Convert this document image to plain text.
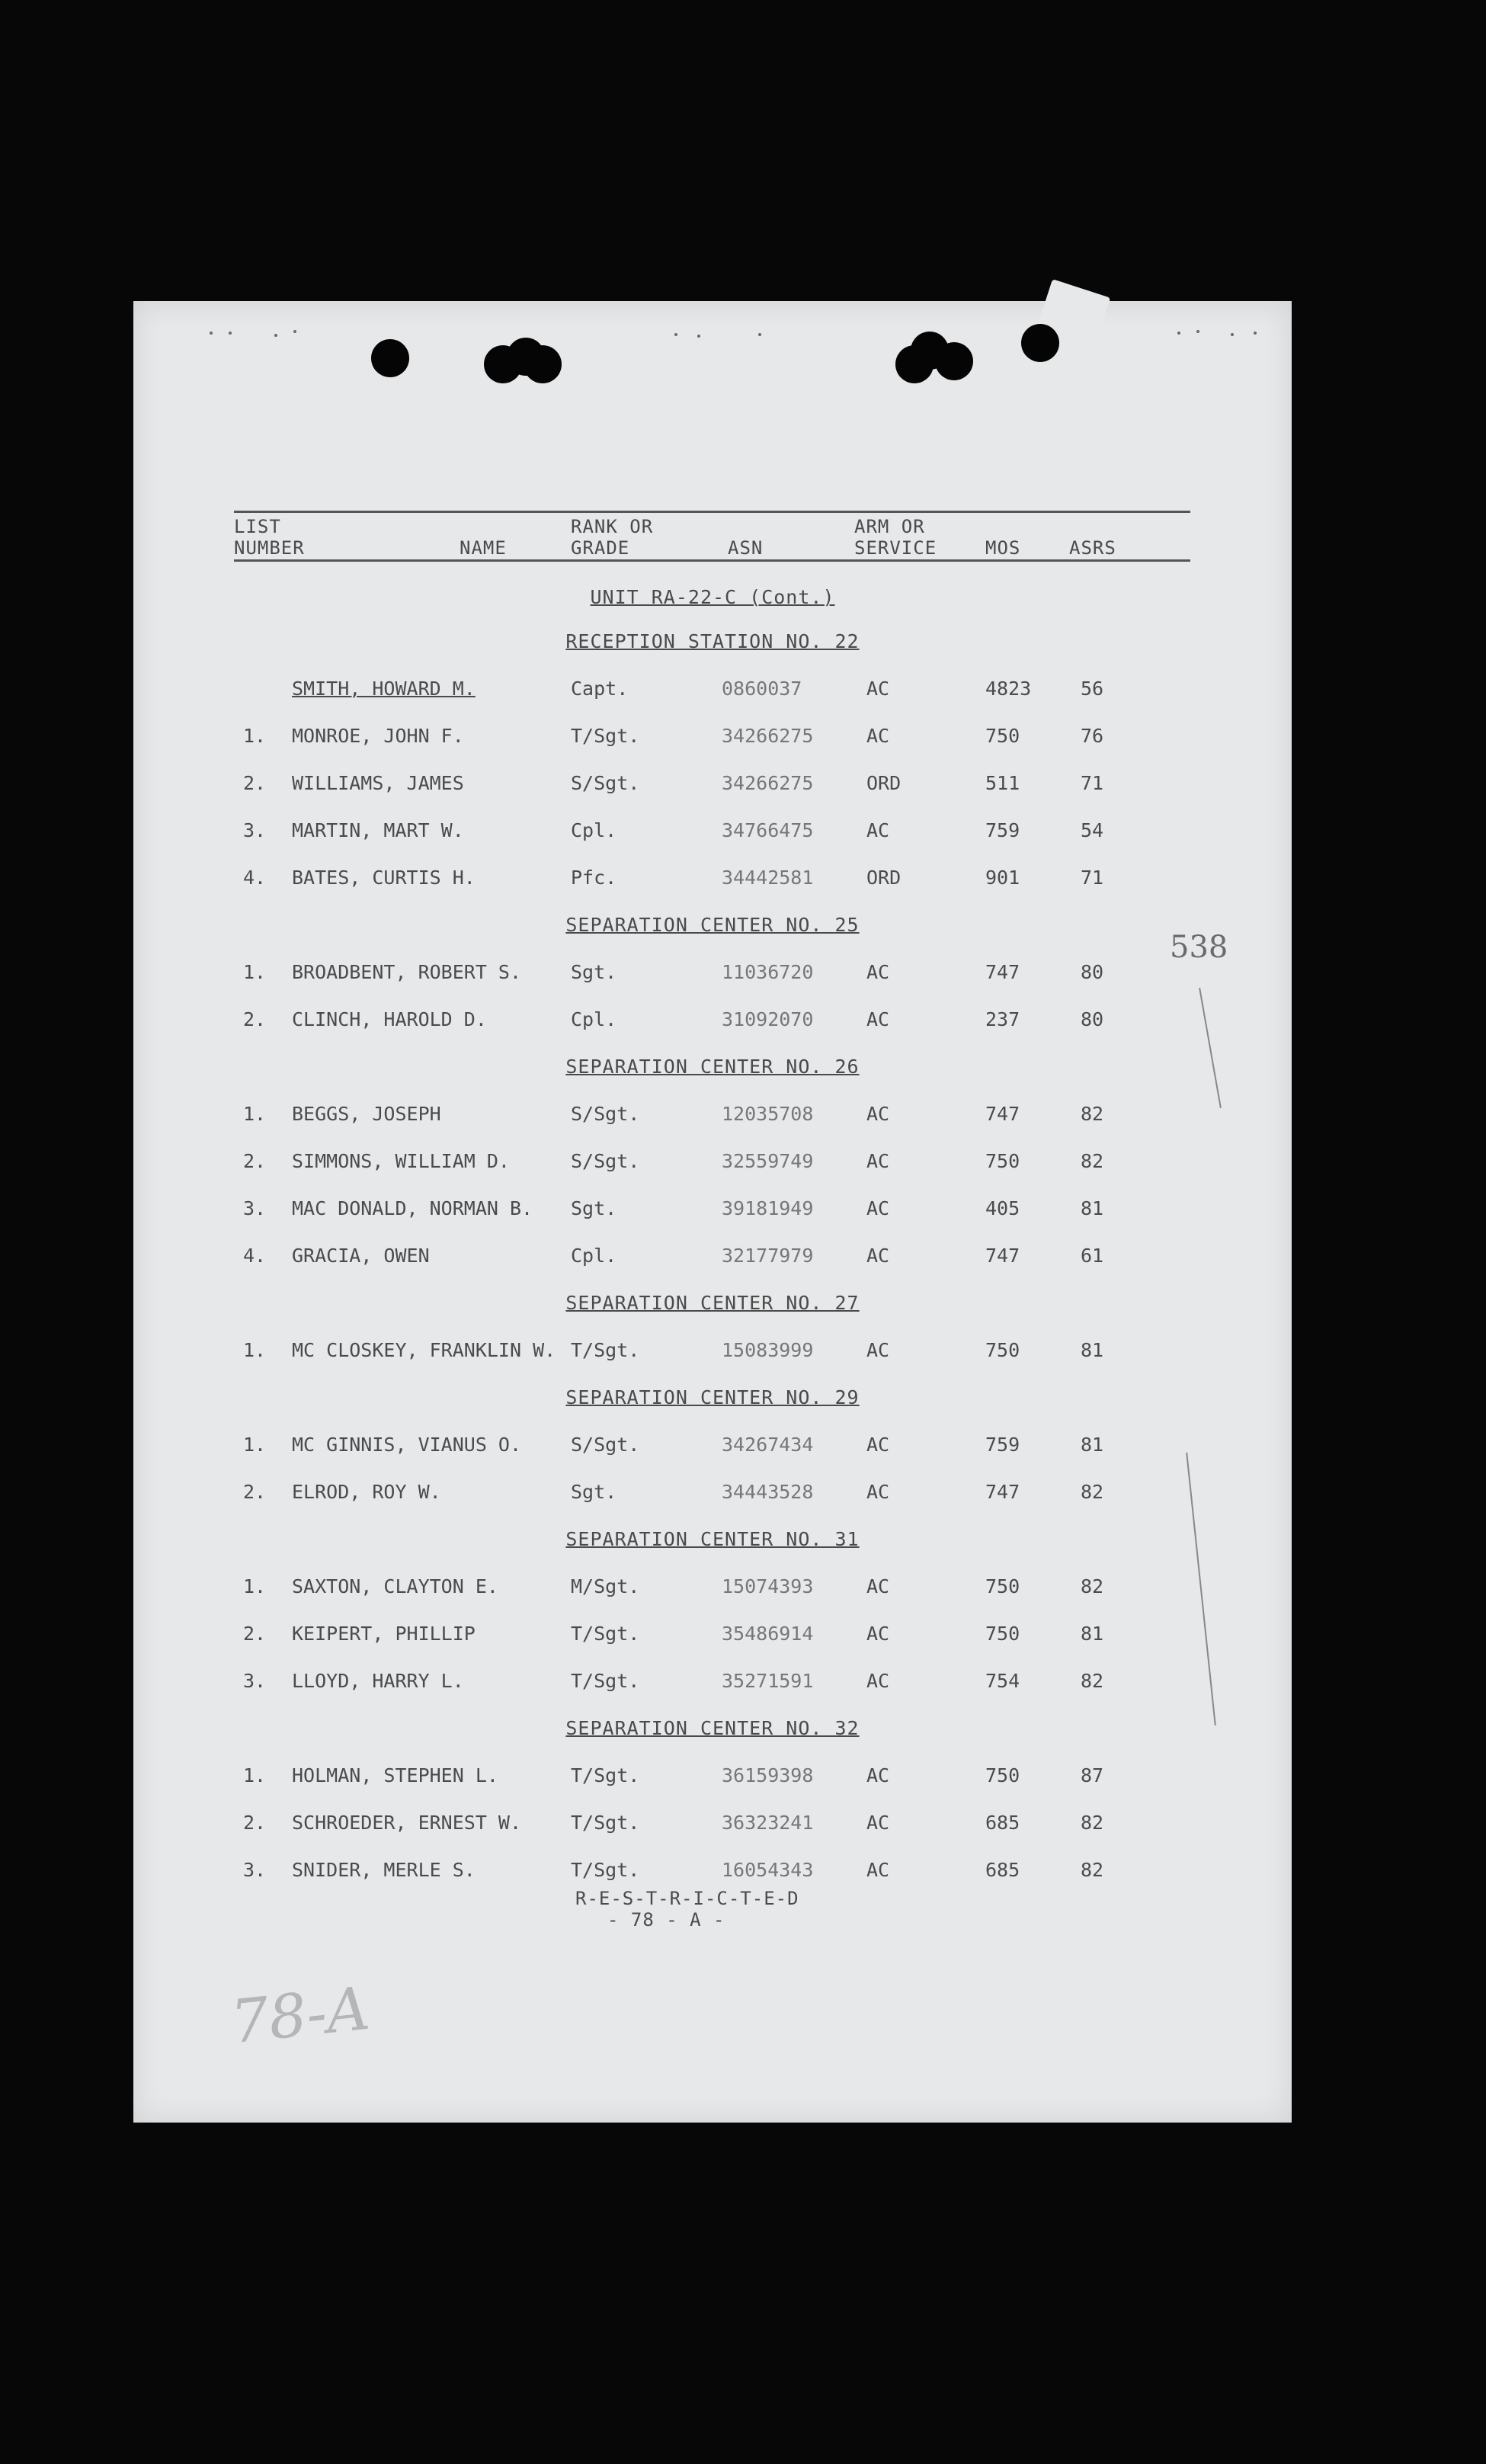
LIST
NUMBER	NAME
RANK OR
GRADE	ASN
ARM OR
SERVICE	MOS	ASRS
UNIT RA-22-C (Cont.)
RECEPTION STATION NO. 22
SMITH, HOWARD M.	Capt.	0860037	AC	4823	56
1. MONROE, JOHN F.	T/Sgt.	34266275	AC	750	76
2. WILLIAMS, JAMES	S/Sgt.	34266275	ORD	511	71
3. MARTIN, MART W.	Cpl.	34766475	AC	759	54
4. BATES, CURTIS H.	Pfc.	34442581	ORD	901	71
SEPARATION CENTER NO. 25
1. BROADBENT, ROBERT S.	Sgt.	11036720	AC	747	80
2. CLINCH, HAROLD D.	Cpl.	31092070	AC	237	80
SEPARATION CENTER NO. 26
1. BEGGS, JOSEPH	S/Sgt.	12035708	AC	747	82
2. SIMMONS, WILLIAM D.	S/Sgt.	32559749	AC	750	82
3. MAC DONALD, NORMAN B. Sgt.	39181949	AC	405	81
4. GRACIA, OWEN	Cpl.	32177979	AC	747	61
SEPARATION CENTER NO. 27
1. MC CLOSKEY, FRANKLIN W. T/Sgt.	15083999	AC	750	81
SEPARATION CENTER NO. 29
1. MC GINNIS, VIANUS O.	S/Sgt.	34267434	AC	759	81
2. ELROD, ROY W.	Sgt.	34443528	AC	747	82
SEPARATION CENTER NO. 31
1. SAXTON, CLAYTON E.	M/Sgt.	15074393	AC	750	82
2. KEIPERT, PHILLIP	T/Sgt.	35486914	AC	750	81
3. LLOYD, HARRY L.	T/Sgt.	35271591	AC	754	82
SEPARATION CENTER NO. 32
1. HOLMAN, STEPHEN L.	T/Sgt.	36159398	AC	750	87
2. SCHROEDER, ERNEST W.	T/Sgt.	36323241	AC	685	82
3. SNIDER, MERLE S.	T/Sgt.	16054343	AC	685	82
R-E-S-T-R-I-C-T-E-D
- 78 - A -
538
78-A
